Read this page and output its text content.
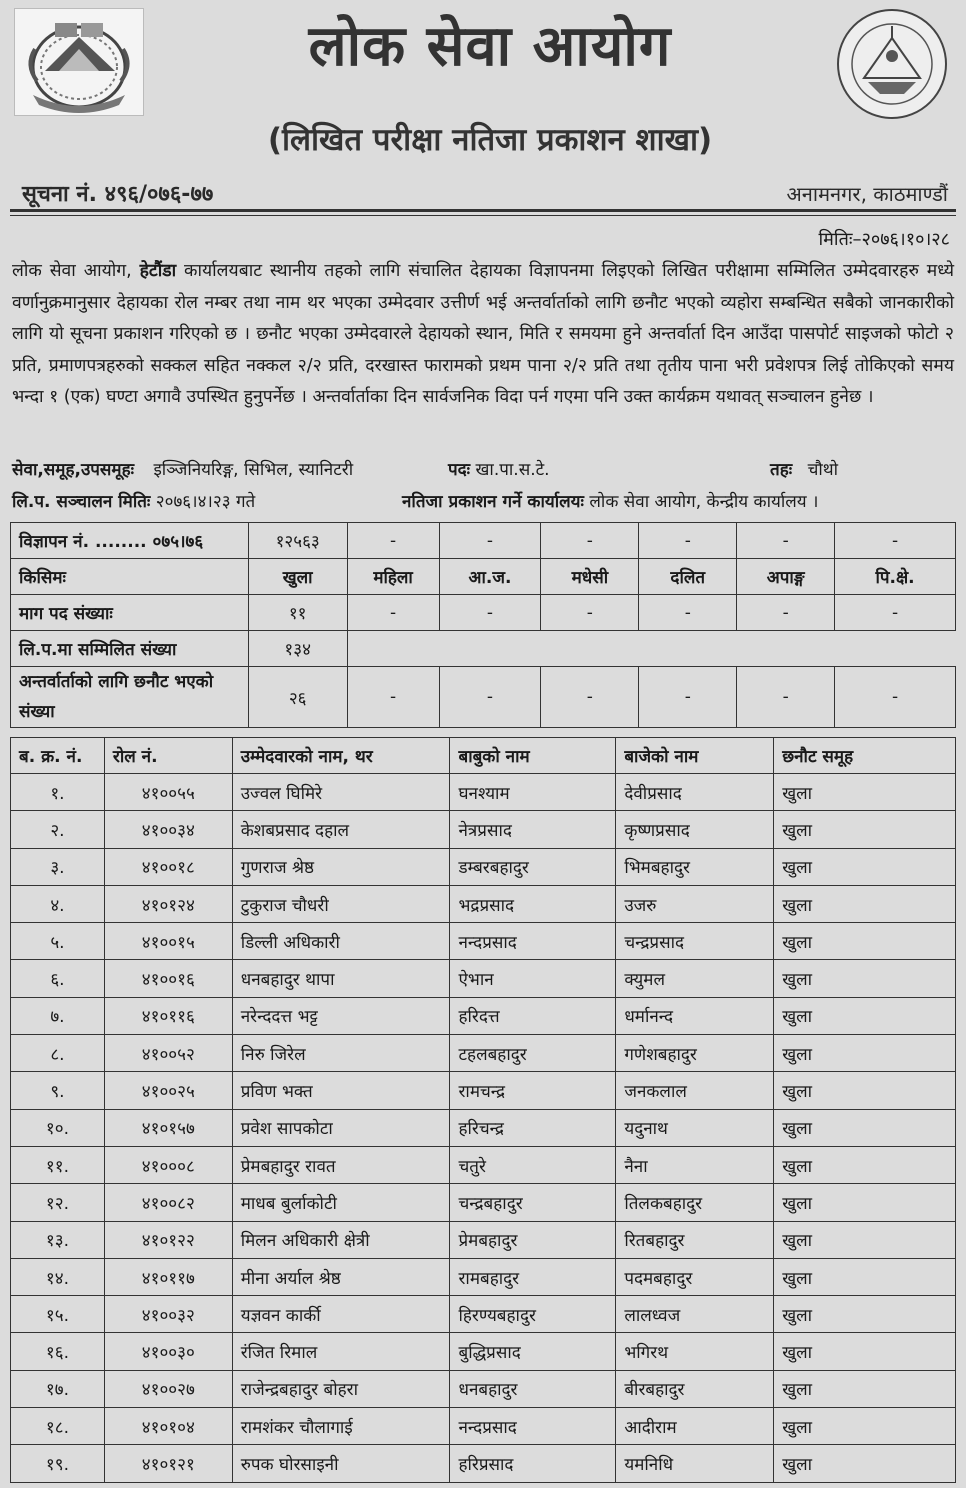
लोक सेवा आयोग
(लिखित परीक्षा नतिजा प्रकाशन शाखा)
सूचना नं. ४९६/०७६-७७	अनामनगर, काठमाण्डौं
मितिः–२०७६।१०।२८
लोक सेवा आयोग, हेटौंडा कार्यालयबाट स्थानीय तहको लागि संचालित देहायका विज्ञापनमा लिइएको लिखित परीक्षामा सम्मिलित उम्मेदवारहरु मध्ये वर्णानुक्रमानुसार देहायका रोल नम्बर तथा नाम थर भएका उम्मेदवार उत्तीर्ण भई अन्तर्वार्ताको लागि छनौट भएको व्यहोरा सम्बन्धित सबैको जानकारीको लागि यो सूचना प्रकाशन गरिएको छ । छनौट भएका उम्मेदवारले देहायको स्थान, मिति र समयमा हुने अन्तर्वार्ता दिन आउँदा पासपोर्ट साइजको फोटो २ प्रति, प्रमाणपत्रहरुको सक्कल सहित नक्कल २/२ प्रति, दरखास्त फारामको प्रथम पाना २/२ प्रति तथा तृतीय पाना भरी प्रवेशपत्र लिई तोकिएको समय भन्दा १ (एक) घण्टा अगावै उपस्थित हुनुपर्नेछ । अन्तर्वार्ताका दिन सार्वजनिक विदा पर्न गएमा पनि उक्त कार्यक्रम यथावत् सञ्चालन हुनेछ ।
सेवा,समूह,उपसमूहः इञ्जिनियरिङ्ग, सिभिल, स्यानिटरी	पदः खा.पा.स.टे.	तहः चौथो
लि.प. सञ्चालन मितिः २०७६।४।२३ गते	नतिजा प्रकाशन गर्ने कार्यालयः लोक सेवा आयोग, केन्द्रीय कार्यालय ।
विज्ञापन नं. ........ ०७५।७६	१२५६३	-	-	-	-	-	-
किसिमः	खुला	महिला	आ.ज.	मधेसी	दलित	अपाङ्ग	पि.क्षे.
माग पद संख्याः	११	-	-	-	-	-	-
लि.प.मा सम्मिलित संख्या	१३४						
अन्तर्वार्ताको लागि छनौट भएको संख्या	२६	-	-	-	-	-	-
ब. क्र. नं.	रोल नं.	उम्मेदवारको नाम, थर	बाबुको नाम	बाजेको नाम	छनौट समूह
१.	४१००५५	उज्वल घिमिरे	घनश्याम	देवीप्रसाद	खुला
२.	४१००३४	केशबप्रसाद दहाल	नेत्रप्रसाद	कृष्णप्रसाद	खुला
३.	४१००१८	गुणराज श्रेष्ठ	डम्बरबहादुर	भिमबहादुर	खुला
४.	४१०१२४	टुकुराज चौधरी	भद्रप्रसाद	उजरु	खुला
५.	४१००१५	डिल्ली अधिकारी	नन्दप्रसाद	चन्द्रप्रसाद	खुला
६.	४१००१६	धनबहादुर थापा	ऐभान	क्युमल	खुला
७.	४१०११६	नरेन्ददत्त भट्ट	हरिदत्त	धर्मानन्द	खुला
८.	४१००५२	निरु जिरेल	टहलबहादुर	गणेशबहादुर	खुला
९.	४१००२५	प्रविण भक्त	रामचन्द्र	जनकलाल	खुला
१०.	४१०१५७	प्रवेश सापकोटा	हरिचन्द्र	यदुनाथ	खुला
११.	४१०००८	प्रेमबहादुर रावत	चतुरे	नैना	खुला
१२.	४१००८२	माधब बुर्लाकोटी	चन्द्रबहादुर	तिलकबहादुर	खुला
१३.	४१०१२२	मिलन अधिकारी क्षेत्री	प्रेमबहादुर	रितबहादुर	खुला
१४.	४१०११७	मीना अर्याल श्रेष्ठ	रामबहादुर	पदमबहादुर	खुला
१५.	४१००३२	यज्ञवन कार्की	हिरण्यबहादुर	लालध्वज	खुला
१६.	४१००३०	रंजित रिमाल	बुद्धिप्रसाद	भगिरथ	खुला
१७.	४१००२७	राजेन्द्रबहादुर बोहरा	धनबहादुर	बीरबहादुर	खुला
१८.	४१०१०४	रामशंकर चौलागाई	नन्दप्रसाद	आदीराम	खुला
१९.	४१०१२१	रुपक घोरसाइनी	हरिप्रसाद	यमनिधि	खुला
